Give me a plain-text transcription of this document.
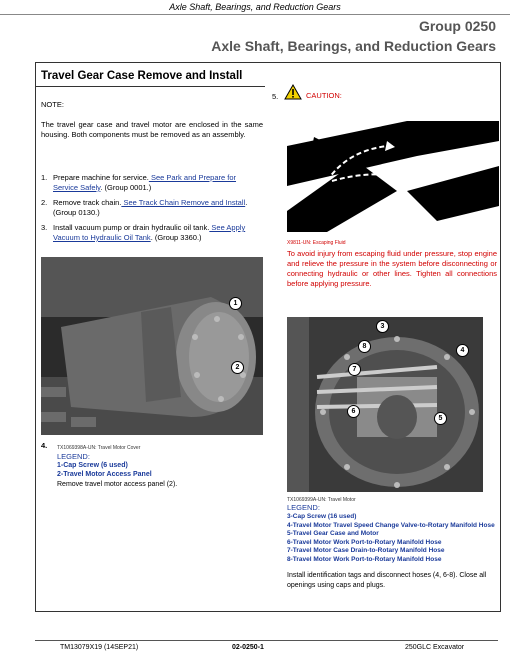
Axle Shaft, Bearings, and Reduction Gears
Group 0250
Axle Shaft, Bearings, and Reduction Gears
Travel Gear Case Remove and Install
NOTE:
The travel gear case and travel motor are enclosed in the same housing. Both components must be removed as an assembly.
1. Prepare machine for service. See Park and Prepare for Service Safely. (Group 0001.)
2. Remove track chain. See Track Chain Remove and Install. (Group 0130.)
3. Install vacuum pump or drain hydraulic oil tank. See Apply Vacuum to Hydraulic Oil Tank. (Group 3360.)
1
2
TX1069398A-UN: Travel Motor Cover
4.
LEGEND:
1-Cap Screw (6 used)
2-Travel Motor Access Panel
Remove travel motor access panel (2).
5.	CAUTION:
X9811-UN: Escaping Fluid
To avoid injury from escaping fluid under pressure, stop engine and relieve the pressure in the system before disconnecting or connecting hydraulic or other lines. Tighten all connections before applying pressure.
3
8
7
6
5
4
TX1069399A-UN: Travel Motor
LEGEND:
3-Cap Screw (16 used)
4-Travel Motor Travel Speed Change Valve-to-Rotary Manifold Hose
5-Travel Gear Case and Motor
6-Travel Motor Work Port-to-Rotary Manifold Hose
7-Travel Motor Case Drain-to-Rotary Manifold Hose
8-Travel Motor Work Port-to-Rotary Manifold Hose
Install identification tags and disconnect hoses (4, 6-8). Close all openings using caps and plugs.
TM13079X19 (14SEP21)	02-0250-1	250GLC Excavator
